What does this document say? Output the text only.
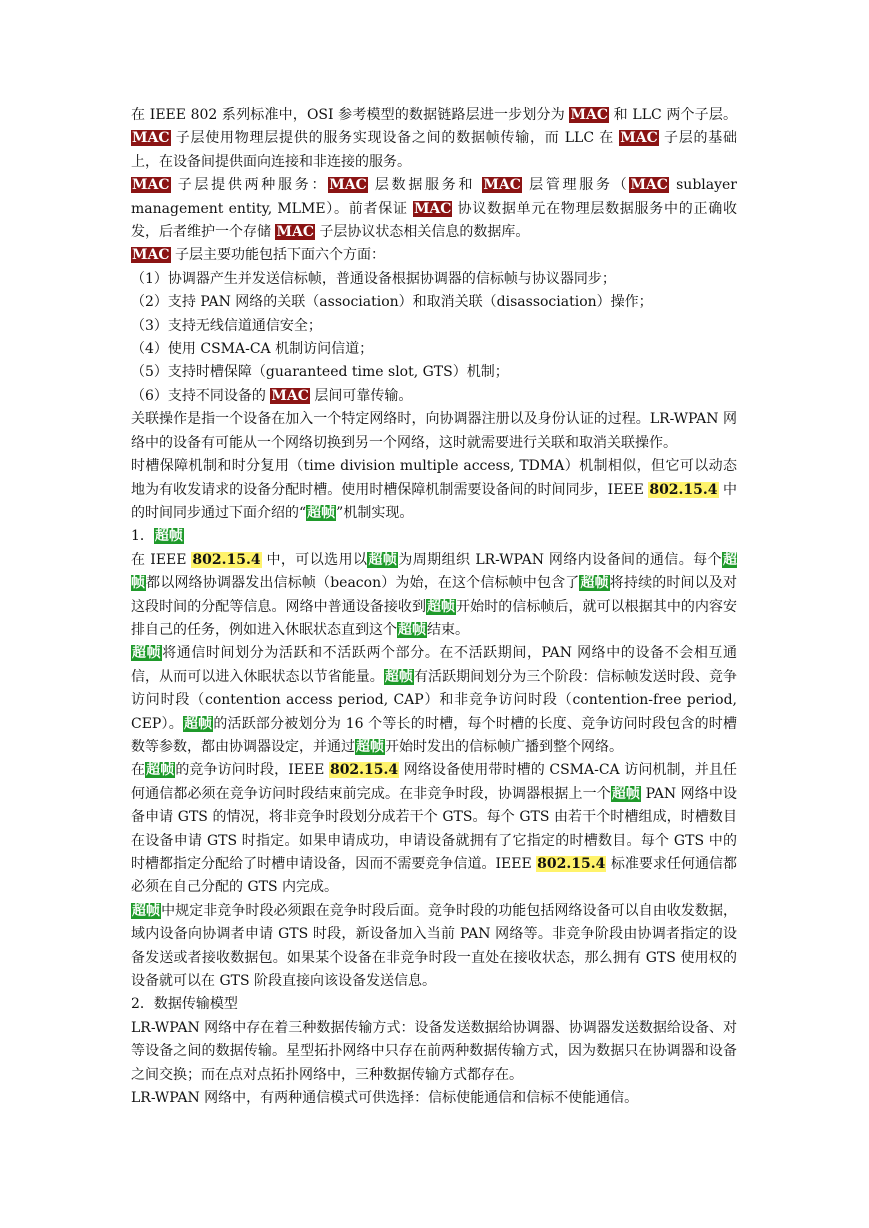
在 IEEE 802 系列标准中，OSI 参考模型的数据链路层进一步划分为 MAC 和 LLC 两个子层。MAC 子层使用物理层提供的服务实现设备之间的数据帧传输，而 LLC 在 MAC 子层的基础上，在设备间提供面向连接和非连接的服务。

MAC 子层提供两种服务：MAC 层数据服务和 MAC 层管理服务（MAC sublayer management entity, MLME）。前者保证 MAC 协议数据单元在物理层数据服务中的正确收发，后者维护一个存储 MAC 子层协议状态相关信息的数据库。

MAC 子层主要功能包括下面六个方面：

（1）协调器产生并发送信标帧，普通设备根据协调器的信标帧与协议器同步；

（2）支持 PAN 网络的关联（association）和取消关联（disassociation）操作；

（3）支持无线信道通信安全；

（4）使用 CSMA-CA 机制访问信道；

（5）支持时槽保障（guaranteed time slot, GTS）机制；

（6）支持不同设备的 MAC 层间可靠传输。

关联操作是指一个设备在加入一个特定网络时，向协调器注册以及身份认证的过程。LR-WPAN 网络中的设备有可能从一个网络切换到另一个网络，这时就需要进行关联和取消关联操作。

时槽保障机制和时分复用（time division multiple access, TDMA）机制相似，但它可以动态地为有收发请求的设备分配时槽。使用时槽保障机制需要设备间的时间同步，IEEE 802.15.4 中的时间同步通过下面介绍的“超帧”机制实现。

1．超帧

在 IEEE 802.15.4 中，可以选用以超帧为周期组织 LR-WPAN 网络内设备间的通信。每个超帧都以网络协调器发出信标帧（beacon）为始，在这个信标帧中包含了超帧将持续的时间以及对这段时间的分配等信息。网络中普通设备接收到超帧开始时的信标帧后，就可以根据其中的内容安排自己的任务，例如进入休眠状态直到这个超帧结束。

超帧将通信时间划分为活跃和不活跃两个部分。在不活跃期间，PAN 网络中的设备不会相互通信，从而可以进入休眠状态以节省能量。超帧有活跃期间划分为三个阶段：信标帧发送时段、竞争访问时段（contention access period, CAP）和非竞争访问时段（contention-free period, CEP）。超帧的活跃部分被划分为 16 个等长的时槽，每个时槽的长度、竞争访问时段包含的时槽数等参数，都由协调器设定，并通过超帧开始时发出的信标帧广播到整个网络。

在超帧的竞争访问时段，IEEE 802.15.4 网络设备使用带时槽的 CSMA-CA 访问机制，并且任何通信都必须在竞争访问时段结束前完成。在非竞争时段，协调器根据上一个超帧 PAN 网络中设备申请 GTS 的情况，将非竞争时段划分成若干个 GTS。每个 GTS 由若干个时槽组成，时槽数目在设备申请 GTS 时指定。如果申请成功，申请设备就拥有了它指定的时槽数目。每个 GTS 中的时槽都指定分配给了时槽申请设备，因而不需要竞争信道。IEEE 802.15.4 标准要求任何通信都必须在自己分配的 GTS 内完成。

超帧中规定非竞争时段必须跟在竞争时段后面。竞争时段的功能包括网络设备可以自由收发数据，域内设备向协调者申请 GTS 时段，新设备加入当前 PAN 网络等。非竞争阶段由协调者指定的设备发送或者接收数据包。如果某个设备在非竞争时段一直处在接收状态，那么拥有 GTS 使用权的设备就可以在 GTS 阶段直接向该设备发送信息。

2．数据传输模型

LR-WPAN 网络中存在着三种数据传输方式：设备发送数据给协调器、协调器发送数据给设备、对等设备之间的数据传输。星型拓扑网络中只存在前两种数据传输方式，因为数据只在协调器和设备之间交换；而在点对点拓扑网络中，三种数据传输方式都存在。

LR-WPAN 网络中，有两种通信模式可供选择：信标使能通信和信标不使能通信。
